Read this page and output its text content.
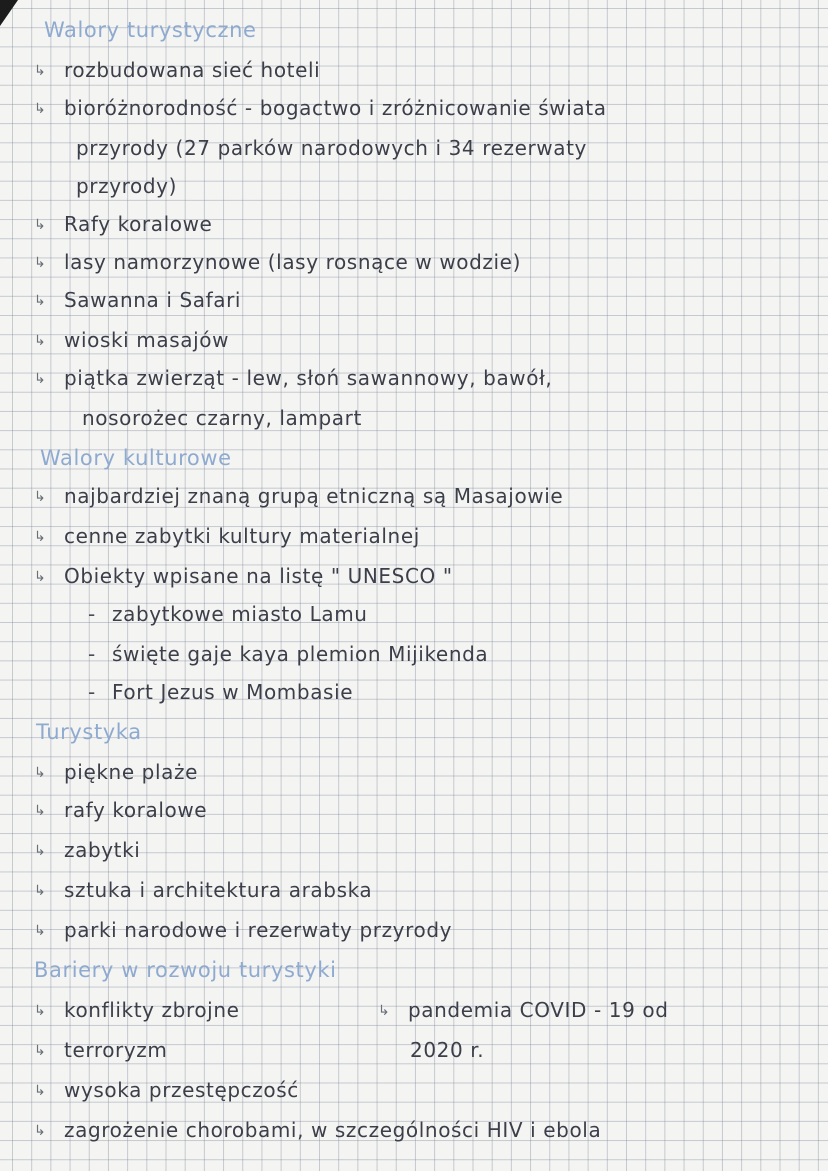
Walory turystyczne
↳ rozbudowana sieć hoteli
↳ bioróżnorodność - bogactwo i zróżnicowanie świata
przyrody (27 parków narodowych i 34 rezerwaty
przyrody)
↳ Rafy koralowe
↳ lasy namorzynowe (lasy rosnące w wodzie)
↳ Sawanna i Safari
↳ wioski masajów
↳ piątka zwierząt - lew, słoń sawannowy, bawół,
nosorożec czarny, lampart
Walory kulturowe
↳ najbardziej znaną grupą etniczną są Masajowie
↳ cenne zabytki kultury materialnej
↳ Obiekty wpisane na listę " UNESCO "
- zabytkowe miasto Lamu
- święte gaje kaya plemion Mijikenda
- Fort Jezus w Mombasie
Turystyka
↳ piękne plaże
↳ rafy koralowe
↳ zabytki
↳ sztuka i architektura arabska
↳ parki narodowe i rezerwaty przyrody
Bariery w rozwoju turystyki
↳ konflikty zbrojne
↳ terroryzm
↳ wysoka przestępczość
↳ zagrożenie chorobami, w szczególności HIV i ebola
↳ pandemia COVID - 19 od
2020 r.
